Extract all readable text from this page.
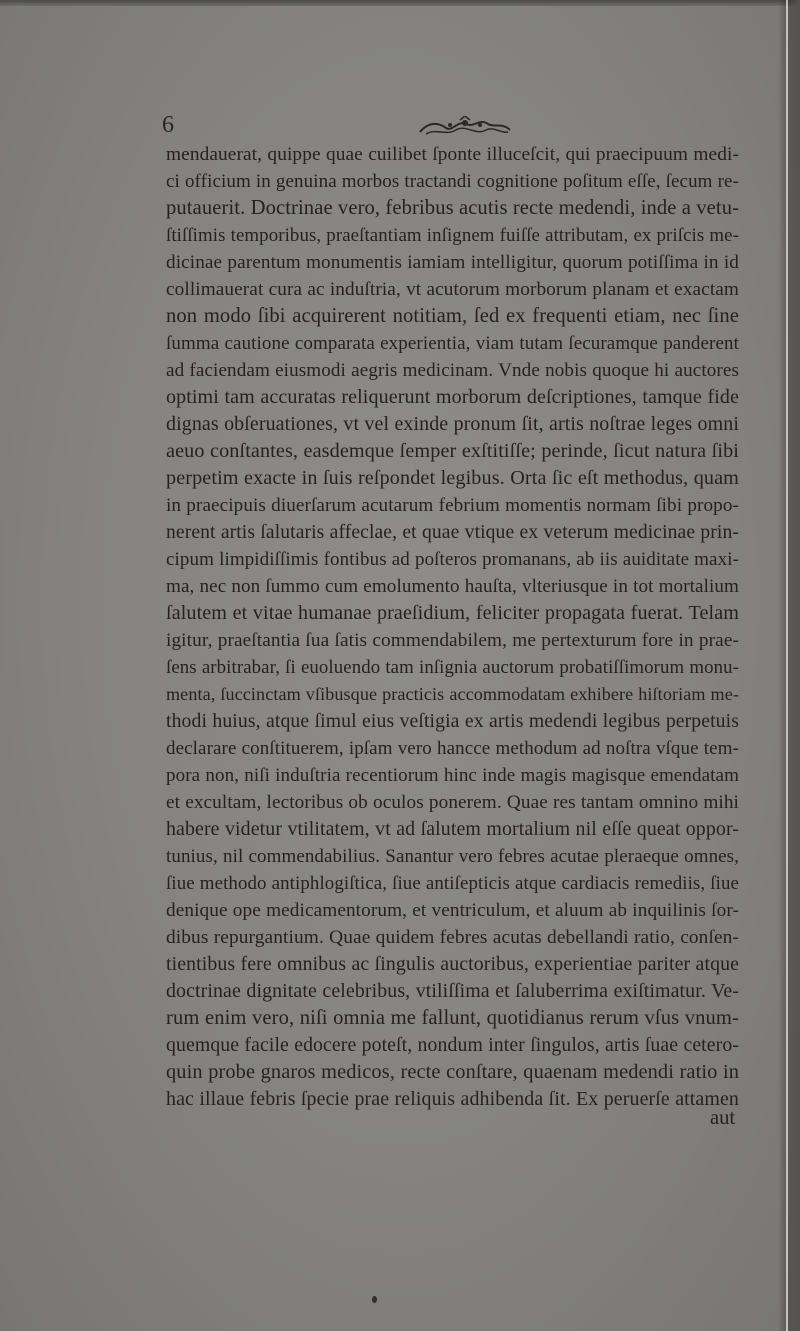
6
mendauerat, quippe quae cuilibet ſponte illuceſcit, qui praecipuum medi-
ci officium in genuina morbos tractandi cognitione poſitum eſſe, ſecum re-
putauerit. Doctrinae vero, febribus acutis recte medendi, inde a vetu-
ſtiſſimis temporibus, praeſtantiam inſignem fuiſſe attributam, ex priſcis me-
dicinae parentum monumentis iamiam intelligitur, quorum potiſſima in id
collimauerat cura ac induſtria, vt acutorum morborum planam et exactam
non modo ſibi acquirerent notitiam, ſed ex frequenti etiam, nec ſine
ſumma cautione comparata experientia, viam tutam ſecuramque panderent
ad faciendam eiusmodi aegris medicinam. Vnde nobis quoque hi auctores
optimi tam accuratas reliquerunt morborum deſcriptiones, tamque fide
dignas obſeruationes, vt vel exinde pronum ſit, artis noſtrae leges omni
aeuo conſtantes, easdemque ſemper exſtitiſſe; perinde, ſicut natura ſibi
perpetim exacte in ſuis reſpondet legibus. Orta ſic eſt methodus, quam
in praecipuis diuerſarum acutarum febrium momentis normam ſibi propo-
nerent artis ſalutaris affeclae, et quae vtique ex veterum medicinae prin-
cipum limpidiſſimis fontibus ad poſteros promanans, ab iis auiditate maxi-
ma, nec non ſummo cum emolumento hauſta, vlteriusque in tot mortalium
ſalutem et vitae humanae praeſidium, feliciter propagata fuerat. Telam
igitur, praeſtantia ſua ſatis commendabilem, me pertexturum fore in prae-
ſens arbitrabar, ſi euoluendo tam inſignia auctorum probatiſſimorum monu-
menta, ſuccinctam vſibusque practicis accommodatam exhibere hiſtoriam me-
thodi huius, atque ſimul eius veſtigia ex artis medendi legibus perpetuis
declarare conſtituerem, ipſam vero hancce methodum ad noſtra vſque tem-
pora non, niſi induſtria recentiorum hinc inde magis magisque emendatam
et excultam, lectoribus ob oculos ponerem. Quae res tantam omnino mihi
habere videtur vtilitatem, vt ad ſalutem mortalium nil eſſe queat oppor-
tunius, nil commendabilius. Sanantur vero febres acutae pleraeque omnes,
ſiue methodo antiphlogiſtica, ſiue antiſepticis atque cardiacis remediis, ſiue
denique ope medicamentorum, et ventriculum, et aluum ab inquilinis ſor-
dibus repurgantium. Quae quidem febres acutas debellandi ratio, conſen-
tientibus fere omnibus ac ſingulis auctoribus, experientiae pariter atque
doctrinae dignitate celebribus, vtiliſſima et ſaluberrima exiſtimatur. Ve-
rum enim vero, niſi omnia me fallunt, quotidianus rerum vſus vnum-
quemque facile edocere poteſt, nondum inter ſingulos, artis ſuae cetero-
quin probe gnaros medicos, recte conſtare, quaenam medendi ratio in
hac illaue febris ſpecie prae reliquis adhibenda ſit. Ex peruerſe attamen
aut
